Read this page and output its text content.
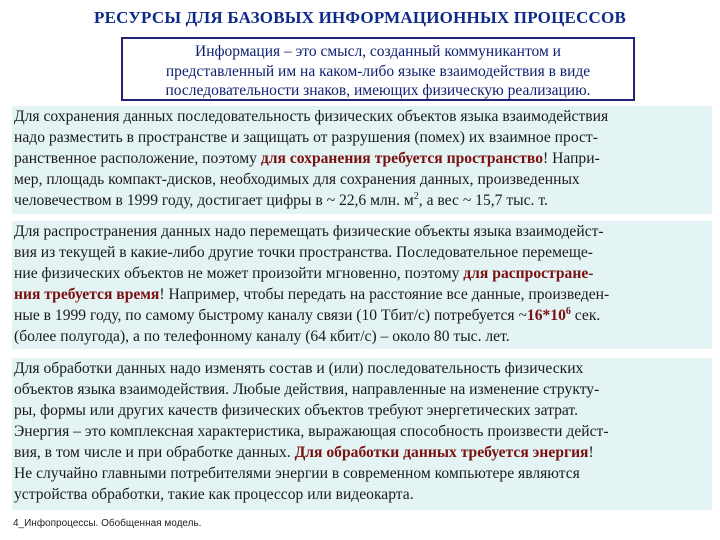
РЕСУРСЫ ДЛЯ БАЗОВЫХ ИНФОРМАЦИОННЫХ ПРОЦЕССОВ
Информация – это смысл, созданный коммуникантом и
представленный им на каком-либо языке взаимодействия в виде
последовательности знаков, имеющих физическую реализацию.
Для сохранения данных последовательность физических объектов языка взаимодействия
надо разместить в пространстве и защищать от разрушения (помех) их взаимное прост-
ранственное расположение, поэтому для сохранения требуется пространство! Напри-
мер, площадь компакт-дисков, необходимых для сохранения данных, произведенных
человечеством в 1999 году, достигает цифры в ~ 22,6 млн. $м^2$, а вес ~ 15,7 тыс. т.
Для распространения данных надо перемещать физические объекты языка взаимодейст-
вия из текущей в какие-либо другие точки пространства. Последовательное перемеще-
ние физических объектов не может произойти мгновенно, поэтому для распростране-
ния требуется время! Например, чтобы передать на расстояние все данные, произведен-
ные в 1999 году, по самому быстрому каналу связи (10 Тбит/с) потребуется $\sim 16*10^6$ сек.
(более полугода), а по телефонному каналу (64 кбит/с) – около 80 тыс. лет.
Для обработки данных надо изменять состав и (или) последовательность физических
объектов языка взаимодействия. Любые действия, направленные на изменение структу-
ры, формы или других качеств физических объектов требуют энергетических затрат.
Энергия – это комплексная характеристика, выражающая способность произвести дейст-
вия, в том числе и при обработке данных. Для обработки данных требуется энергия!
Не случайно главными потребителями энергии в современном компьютере являются
устройства обработки, такие как процессор или видеокарта.
4_Инфопроцессы. Обобщенная модель.
